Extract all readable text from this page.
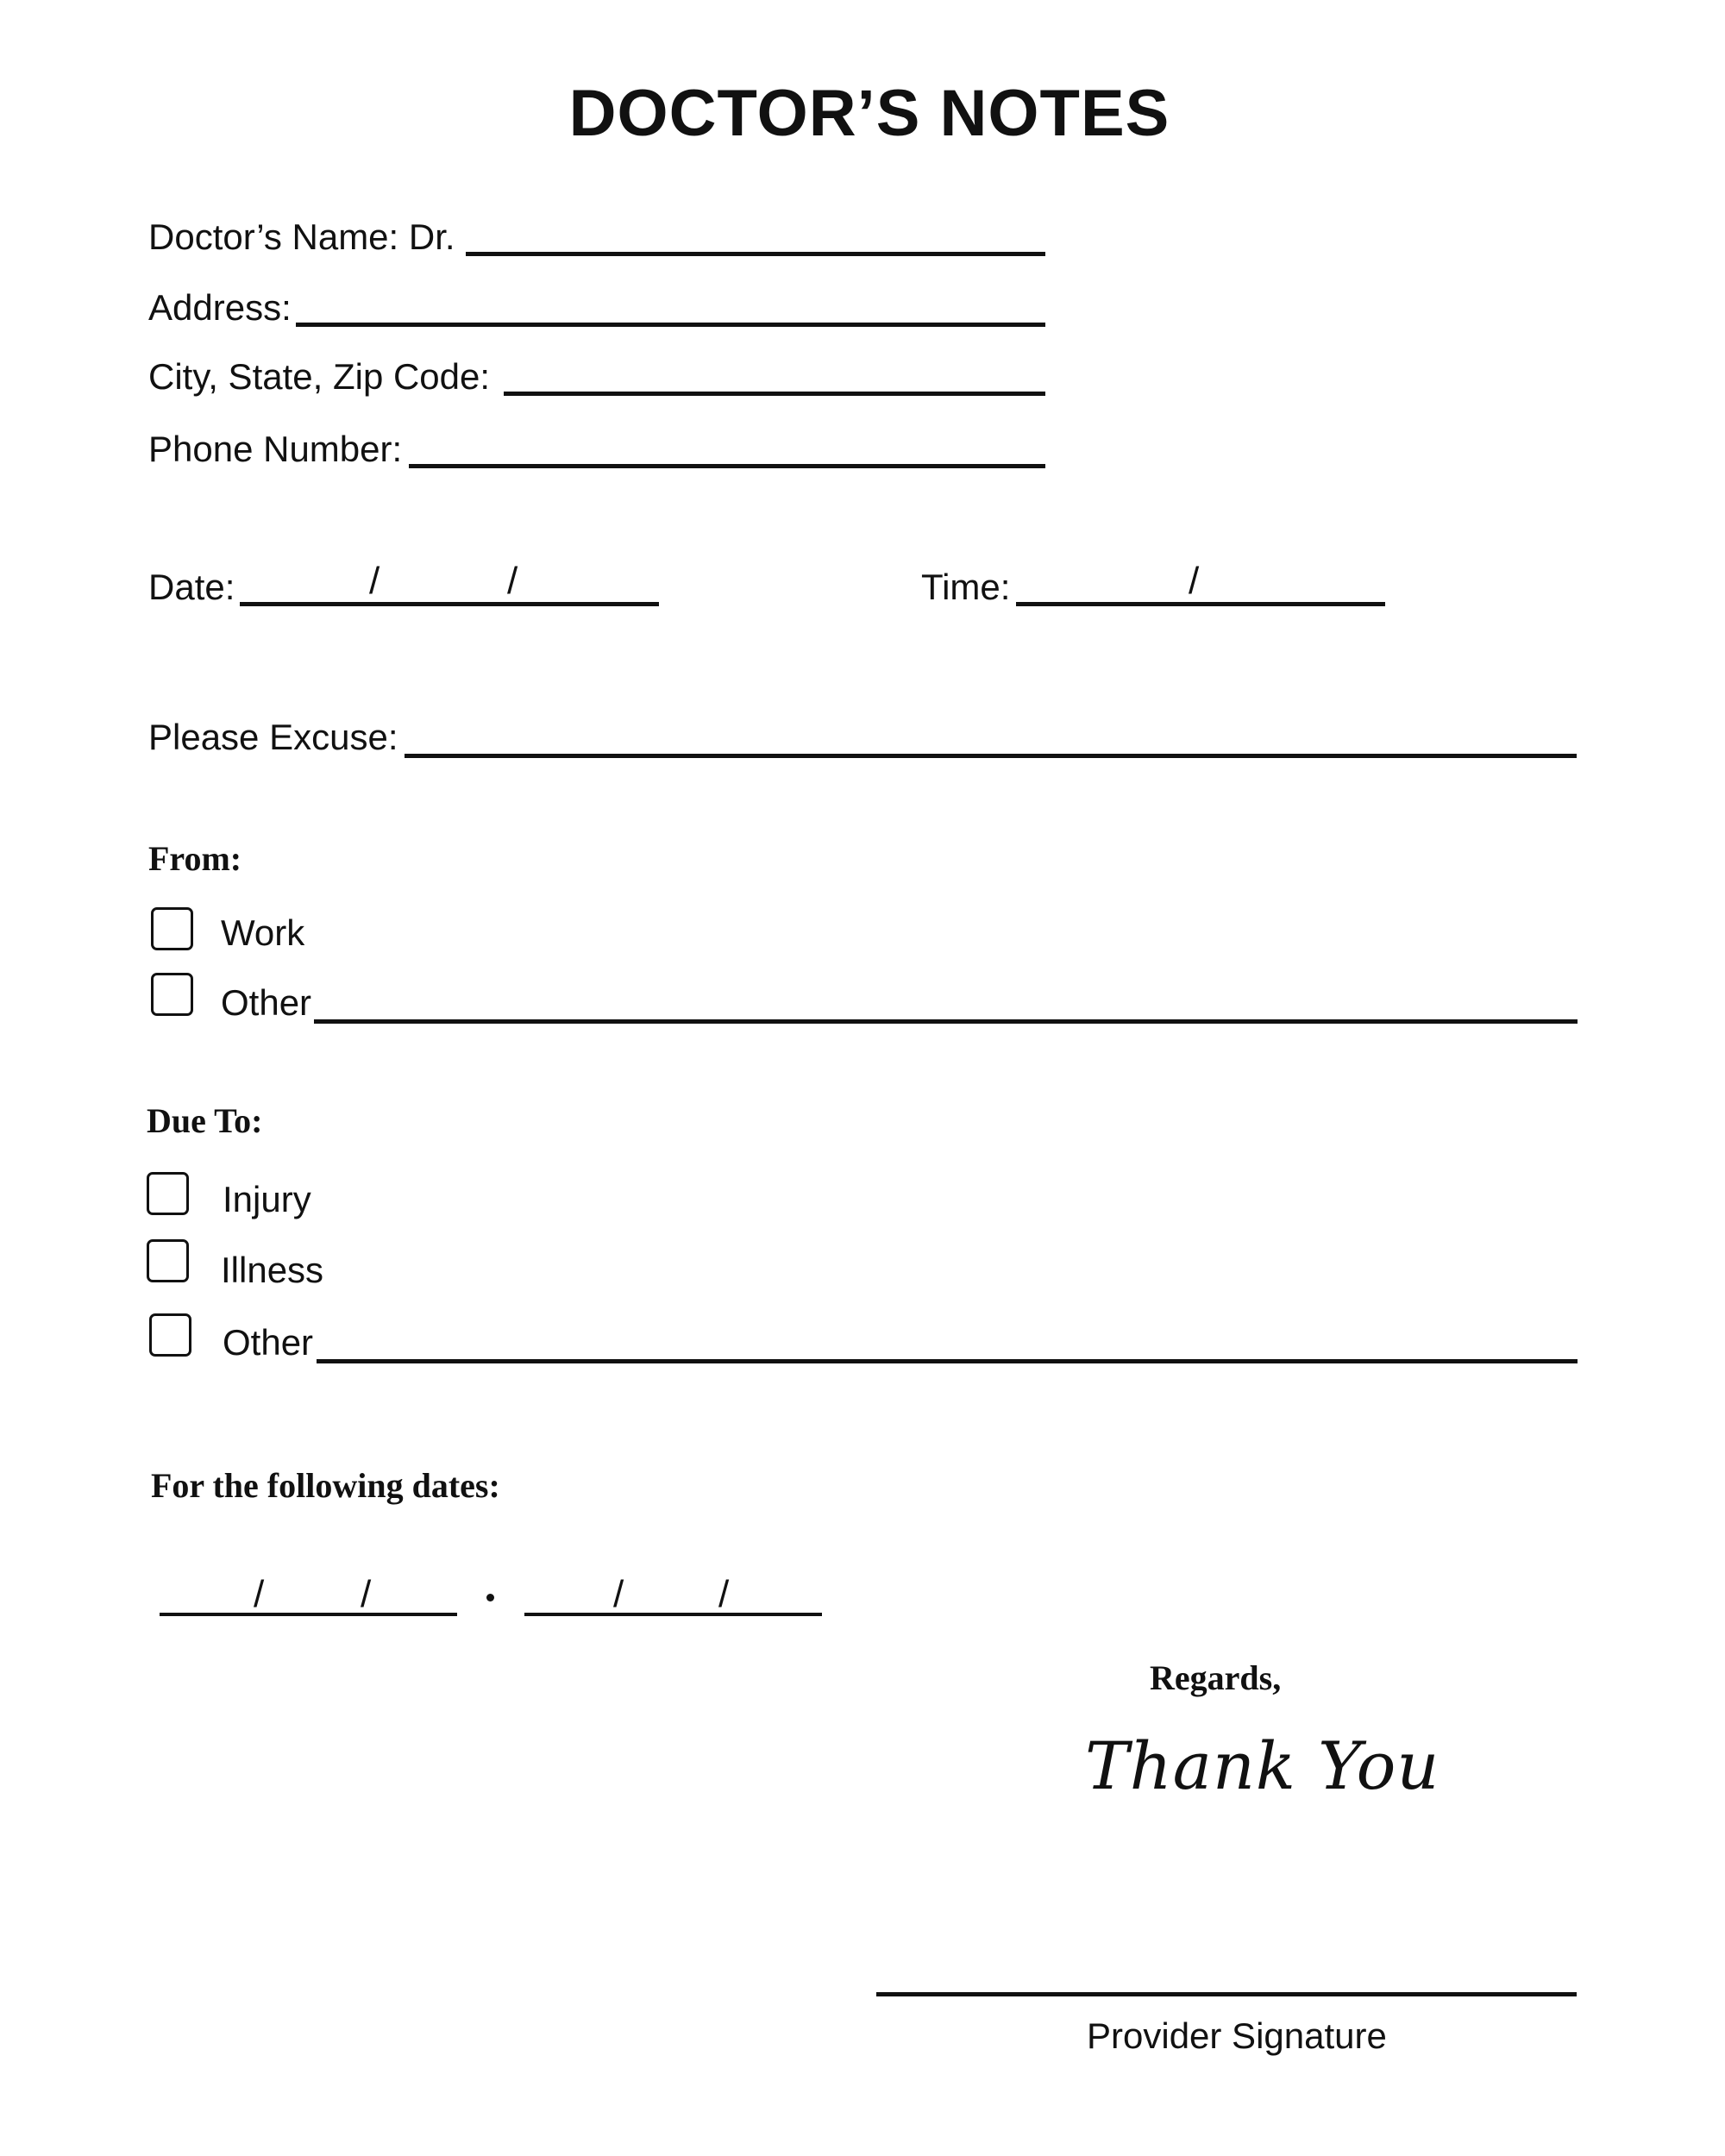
DOCTOR’S NOTES
Doctor’s Name: Dr.
Address:
City, State, Zip Code:
Phone Number:
Date:	/	/	Time:	/
Please Excuse:
From:
Work
Other
Due To:
Injury
Illness
Other
For the following dates:
/	/	/ /
Regards,
Thank You
Provider Signature
